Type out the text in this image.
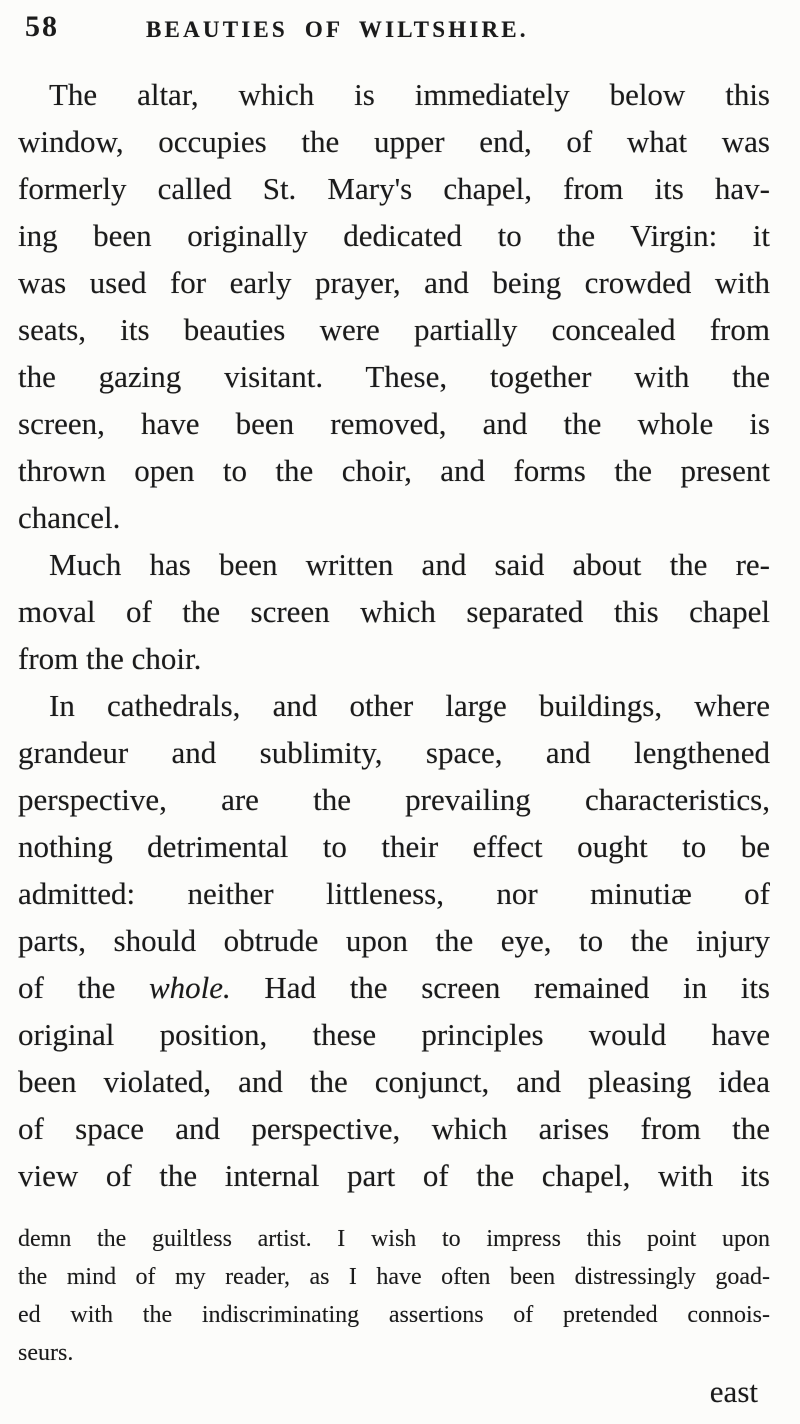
58	BEAUTIES OF WILTSHIRE.
The altar, which is immediately below this
window, occupies the upper end, of what was
formerly called St. Mary's chapel, from its hav-
ing been originally dedicated to the Virgin: it
was used for early prayer, and being crowded with
seats, its beauties were partially concealed from
the gazing visitant. These, together with the
screen, have been removed, and the whole is
thrown open to the choir, and forms the present
chancel.
Much has been written and said about the re-
moval of the screen which separated this chapel
from the choir.
In cathedrals, and other large buildings, where
grandeur and sublimity, space, and lengthened
perspective, are the prevailing characteristics,
nothing detrimental to their effect ought to be
admitted: neither littleness, nor minutiæ of
parts, should obtrude upon the eye, to the injury
of the whole. Had the screen remained in its
original position, these principles would have
been violated, and the conjunct, and pleasing idea
of space and perspective, which arises from the
view of the internal part of the chapel, with its
demn the guiltless artist. I wish to impress this point upon
the mind of my reader, as I have often been distressingly goad-
ed with the indiscriminating assertions of pretended connois-
seurs.
east
